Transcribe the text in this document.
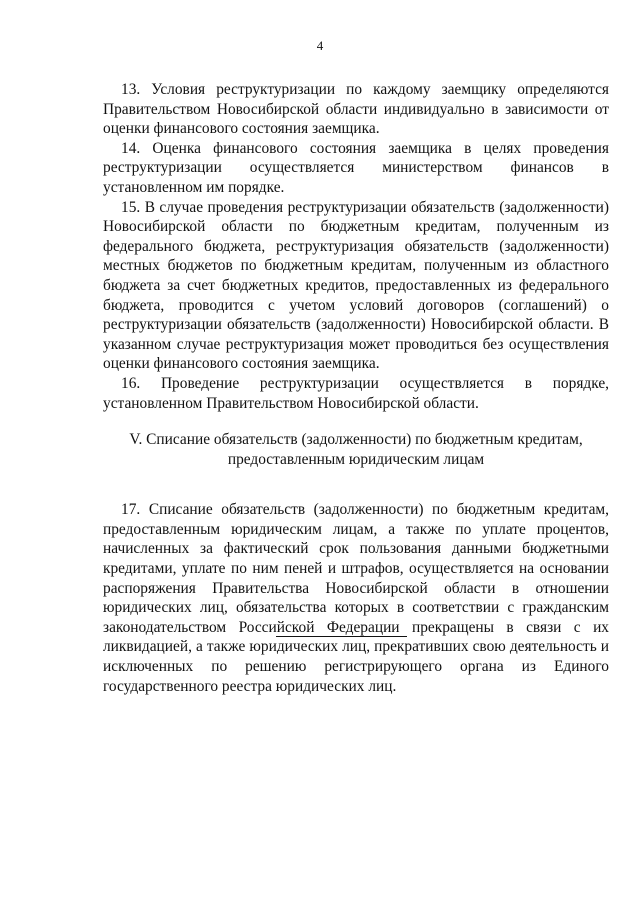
4

13. Условия реструктуризации по каждому заемщику определяются Правительством Новосибирской области индивидуально в зависимости от оценки финансового состояния заемщика.

14. Оценка финансового состояния заемщика в целях проведения реструктуризации осуществляется министерством финансов в установленном им порядке.

15. В случае проведения реструктуризации обязательств (задолженности) Новосибирской области по бюджетным кредитам, полученным из федерального бюджета, реструктуризация обязательств (задолженности) местных бюджетов по бюджетным кредитам, полученным из областного бюджета за счет бюджетных кредитов, предоставленных из федерального бюджета, проводится с учетом условий договоров (соглашений) о реструктуризации обязательств (задолженности) Новосибирской области. В указанном случае реструктуризация может проводиться без осуществления оценки финансового состояния заемщика.

16. Проведение реструктуризации осуществляется в порядке, установленном Правительством Новосибирской области.

V. Списание обязательств (задолженности) по бюджетным кредитам,
предоставленным юридическим лицам

17. Списание обязательств (задолженности) по бюджетным кредитам, предоставленным юридическим лицам, а также по уплате процентов, начисленных за фактический срок пользования данными бюджетными кредитами, уплате по ним пеней и штрафов, осуществляется на основании распоряжения Правительства Новосибирской области в отношении юридических лиц, обязательства которых в соответствии с гражданским законодательством Российской Федерации прекращены в связи с их ликвидацией, а также юридических лиц, прекративших свою деятельность и исключенных по решению регистрирующего органа из Единого государственного реестра юридических лиц.
